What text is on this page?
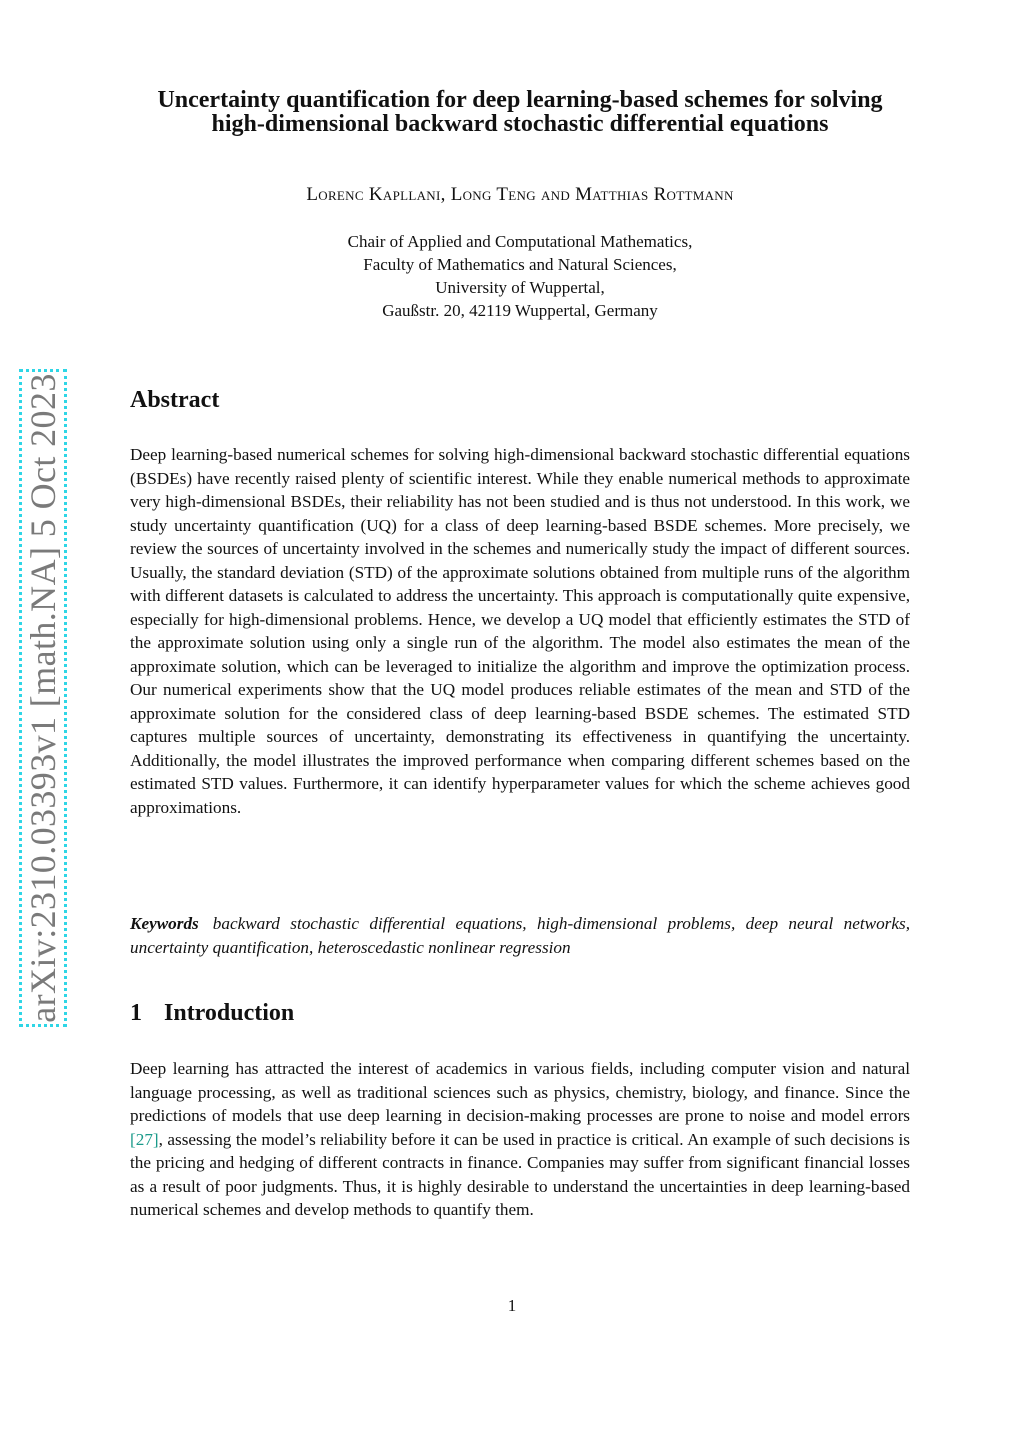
arXiv:2310.03393v1 [math.NA] 5 Oct 2023
Uncertainty quantification for deep learning-based schemes for solving high-dimensional backward stochastic differential equations
Lorenc Kapllani, Long Teng and Matthias Rottmann
Chair of Applied and Computational Mathematics,
Faculty of Mathematics and Natural Sciences,
University of Wuppertal,
Gaußstr. 20, 42119 Wuppertal, Germany
Abstract

Deep learning-based numerical schemes for solving high-dimensional backward stochastic differential equations (BSDEs) have recently raised plenty of scientific interest. While they enable numerical methods to approximate very high-dimensional BSDEs, their reliability has not been studied and is thus not understood. In this work, we study uncertainty quantification (UQ) for a class of deep learning-based BSDE schemes. More precisely, we review the sources of uncertainty involved in the schemes and numerically study the impact of different sources. Usually, the standard deviation (STD) of the approximate solutions obtained from multiple runs of the algorithm with different datasets is calculated to address the uncertainty. This approach is computationally quite expensive, especially for high-dimensional problems. Hence, we develop a UQ model that efficiently estimates the STD of the approximate solution using only a single run of the algorithm. The model also estimates the mean of the approximate solution, which can be leveraged to initialize the algorithm and improve the optimization process. Our numerical experiments show that the UQ model produces reliable estimates of the mean and STD of the approximate solution for the considered class of deep learning-based BSDE schemes. The estimated STD captures multiple sources of uncertainty, demonstrating its effectiveness in quantifying the uncertainty. Additionally, the model illustrates the improved performance when comparing different schemes based on the estimated STD values. Furthermore, it can identify hyperparameter values for which the scheme achieves good approximations.

Keywords backward stochastic differential equations, high-dimensional problems, deep neural networks, uncertainty quantification, heteroscedastic nonlinear regression

1 Introduction

Deep learning has attracted the interest of academics in various fields, including computer vision and natural language processing, as well as traditional sciences such as physics, chemistry, biology, and finance. Since the predictions of models that use deep learning in decision-making processes are prone to noise and model errors [27], assessing the model’s reliability before it can be used in practice is critical. An example of such decisions is the pricing and hedging of different contracts in finance. Companies may suffer from significant financial losses as a result of poor judgments. Thus, it is highly desirable to understand the uncertainties in deep learning-based numerical schemes and develop methods to quantify them.

1
